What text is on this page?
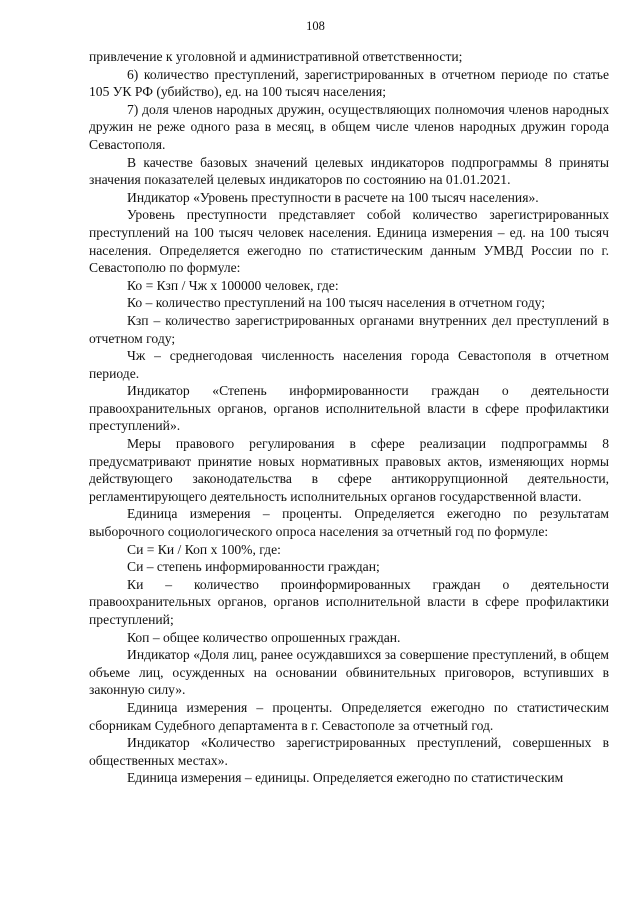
108

привлечение к уголовной и административной ответственности;

6) количество преступлений, зарегистрированных в отчетном периоде по статье 105 УК РФ (убийство), ед. на 100 тысяч населения;

7) доля членов народных дружин, осуществляющих полномочия членов народных дружин не реже одного раза в месяц, в общем числе членов народных дружин города Севастополя.

В качестве базовых значений целевых индикаторов подпрограммы 8 приняты значения показателей целевых индикаторов по состоянию на 01.01.2021.

Индикатор «Уровень преступности в расчете на 100 тысяч населения».

Уровень преступности представляет собой количество зарегистрированных преступлений на 100 тысяч человек населения. Единица измерения – ед. на 100 тысяч населения. Определяется ежегодно по статистическим данным УМВД России по г. Севастополю по формуле:

Ко = Кзп / Чж х 100000 человек, где:

Ко – количество преступлений на 100 тысяч населения в отчетном году;

Кзп – количество зарегистрированных органами внутренних дел преступлений в отчетном году;

Чж – среднегодовая численность населения города Севастополя в отчетном периоде.

Индикатор «Степень информированности граждан о деятельности правоохранительных органов, органов исполнительной власти в сфере профилактики преступлений».

Меры правового регулирования в сфере реализации подпрограммы 8 предусматривают принятие новых нормативных правовых актов, изменяющих нормы действующего законодательства в сфере антикоррупционной деятельности, регламентирующего деятельность исполнительных органов государственной власти.

Единица измерения – проценты. Определяется ежегодно по результатам выборочного социологического опроса населения за отчетный год по формуле:

Си = Ки / Коп х 100%, где:

Си – степень информированности граждан;

Ки – количество проинформированных граждан о деятельности правоохранительных органов, органов исполнительной власти в сфере профилактики преступлений;

Коп – общее количество опрошенных граждан.

Индикатор «Доля лиц, ранее осуждавшихся за совершение преступлений, в общем объеме лиц, осужденных на основании обвинительных приговоров, вступивших в законную силу».

Единица измерения – проценты. Определяется ежегодно по статистическим сборникам Судебного департамента в г. Севастополе за отчетный год.

Индикатор «Количество зарегистрированных преступлений, совершенных в общественных местах».

Единица измерения – единицы. Определяется ежегодно по статистическим
